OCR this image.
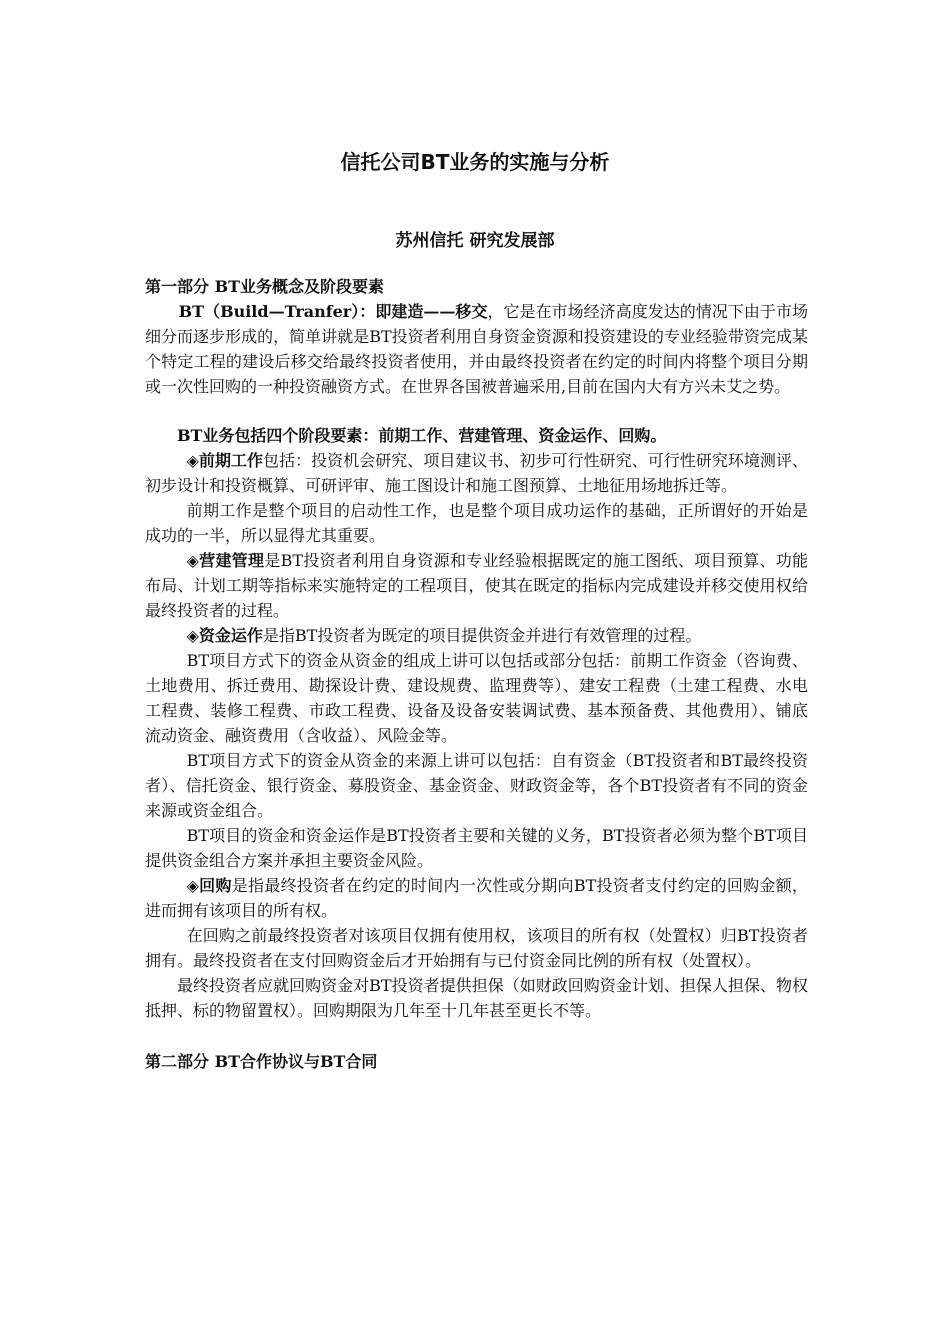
信托公司BT业务的实施与分析
苏州信托 研究发展部

第一部分 BT业务概念及阶段要素

BT（Build—Tranfer）：即建造——移交，它是在市场经济高度发达的情况下由于市场细分而逐步形成的，简单讲就是BT投资者利用自身资金资源和投资建设的专业经验带资完成某个特定工程的建设后移交给最终投资者使用，并由最终投资者在约定的时间内将整个项目分期或一次性回购的一种投资融资方式。在世界各国被普遍采用,目前在国内大有方兴未艾之势。

BT业务包括四个阶段要素：前期工作、营建管理、资金运作、回购。

◈前期工作包括：投资机会研究、项目建议书、初步可行性研究、可行性研究环境测评、初步设计和投资概算、可研评审、施工图设计和施工图预算、土地征用场地拆迁等。

前期工作是整个项目的启动性工作，也是整个项目成功运作的基础，正所谓好的开始是成功的一半，所以显得尤其重要。

◈营建管理是BT投资者利用自身资源和专业经验根据既定的施工图纸、项目预算、功能布局、计划工期等指标来实施特定的工程项目，使其在既定的指标内完成建设并移交使用权给最终投资者的过程。

◈资金运作是指BT投资者为既定的项目提供资金并进行有效管理的过程。

BT项目方式下的资金从资金的组成上讲可以包括或部分包括：前期工作资金（咨询费、土地费用、拆迁费用、勘探设计费、建设规费、监理费等）、建安工程费（土建工程费、水电工程费、装修工程费、市政工程费、设备及设备安装调试费、基本预备费、其他费用）、铺底流动资金、融资费用（含收益）、风险金等。

BT项目方式下的资金从资金的来源上讲可以包括：自有资金（BT投资者和BT最终投资者）、信托资金、银行资金、募股资金、基金资金、财政资金等，各个BT投资者有不同的资金来源或资金组合。

BT项目的资金和资金运作是BT投资者主要和关键的义务，BT投资者必须为整个BT项目提供资金组合方案并承担主要资金风险。

◈回购是指最终投资者在约定的时间内一次性或分期向BT投资者支付约定的回购金额，进而拥有该项目的所有权。

在回购之前最终投资者对该项目仅拥有使用权，该项目的所有权（处置权）归BT投资者拥有。最终投资者在支付回购资金后才开始拥有与已付资金同比例的所有权（处置权）。

最终投资者应就回购资金对BT投资者提供担保（如财政回购资金计划、担保人担保、物权抵押、标的物留置权）。回购期限为几年至十几年甚至更长不等。

第二部分 BT合作协议与BT合同
